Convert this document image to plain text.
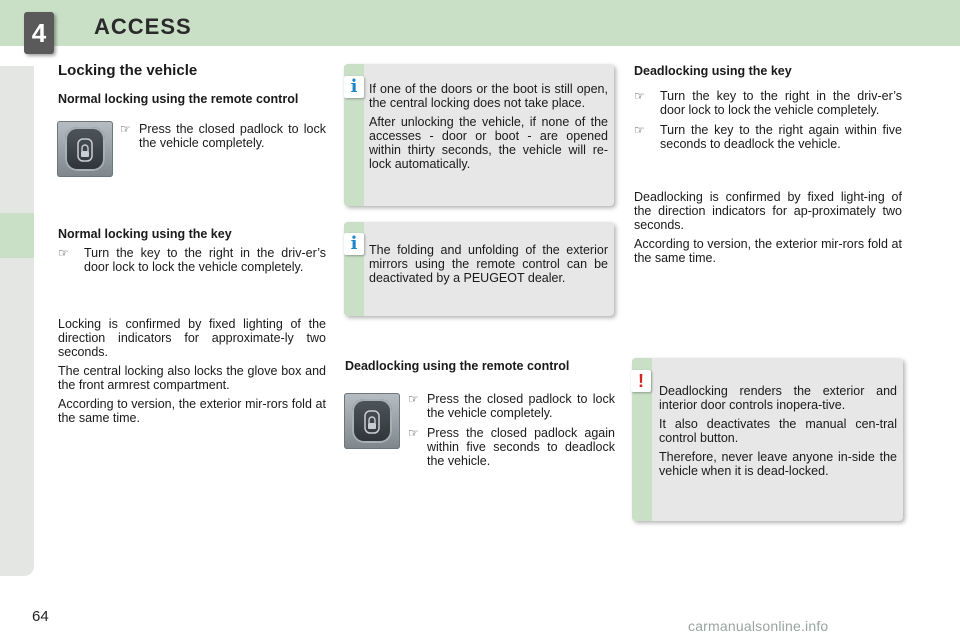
4	ACCESS
Locking the vehicle
Normal locking using the remote control
☞ Press the closed padlock to lock the vehicle completely.
Normal locking using the key
☞ Turn the key to the right in the driv-er’s door lock to lock the vehicle completely.

Locking is confirmed by fixed lighting of the direction indicators for approximate-ly two seconds.

The central locking also locks the glove box and the front armrest compartment.

According to version, the exterior mir-rors fold at the same time.

If one of the doors or the boot is still open, the central locking does not take place.

After unlocking the vehicle, if none of the accesses - door or boot - are opened within thirty seconds, the vehicle will re-lock automatically.

i
The folding and unfolding of the exterior mirrors using the remote control can be deactivated by a PEUGEOT dealer.
i
Deadlocking using the remote control
☞ Press the closed padlock to lock the vehicle completely.
☞ Press the closed padlock again within five seconds to deadlock the vehicle.
Deadlocking using the key
☞ Turn the key to the right in the driv-er’s door lock to lock the vehicle completely.
☞ Turn the key to the right again within five seconds to deadlock the vehicle.

Deadlocking is confirmed by fixed light-ing of the direction indicators for ap-proximately two seconds.

According to version, the exterior mir-rors fold at the same time.

Deadlocking renders the exterior and interior door controls inopera-tive.

It also deactivates the manual cen-tral control button.

Therefore, never leave anyone in-side the vehicle when it is dead-locked.

!
64
carmanualsonline.info
